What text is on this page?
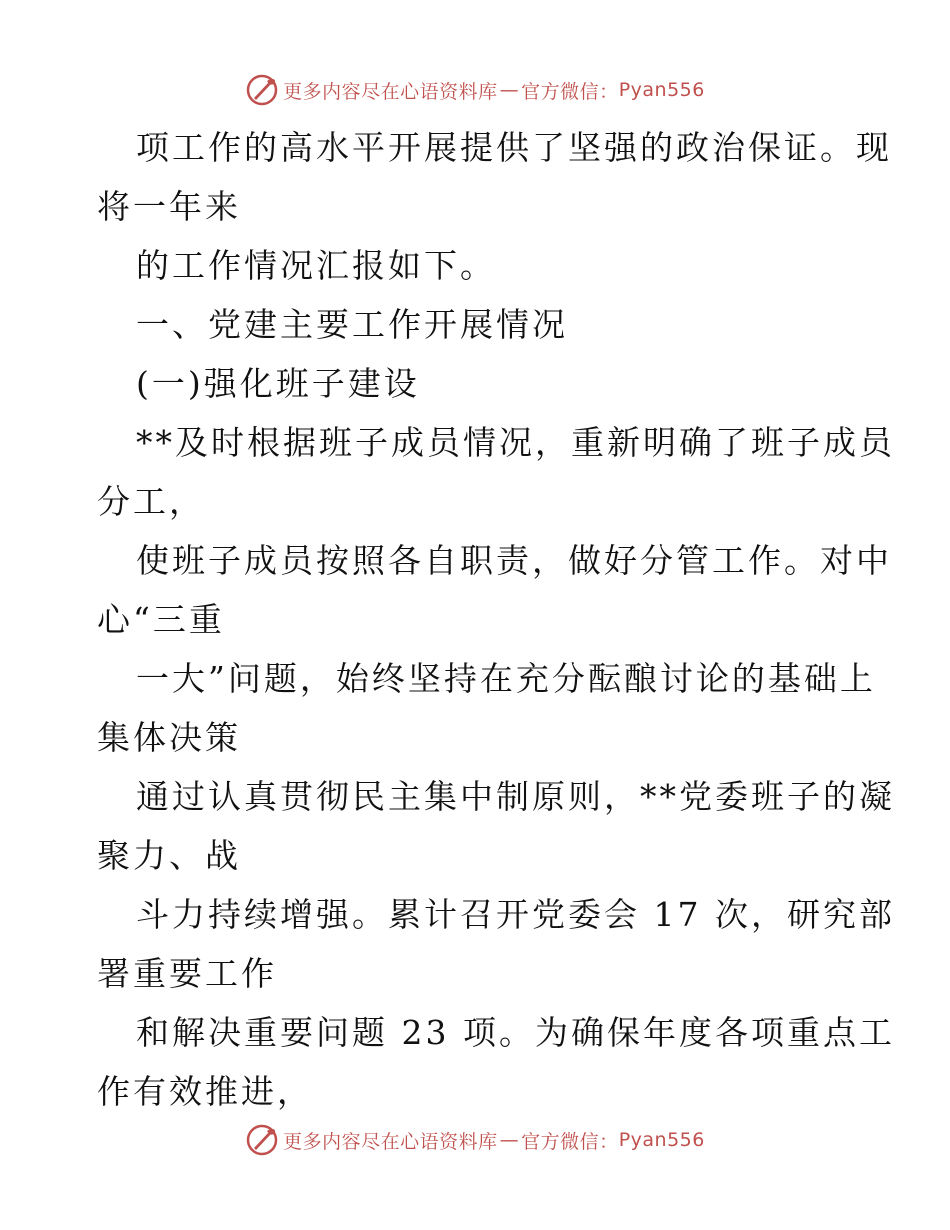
更多内容尽在心语资料库 — 官方微信： Pyan556
项工作的高水平开展提供了坚强的政治保证。现
将一年来
的工作情况汇报如下。
一、党建主要工作开展情况
(一)强化班子建设
**及时根据班子成员情况，重新明确了班子成员
分工，
使班子成员按照各自职责，做好分管工作。对中
心“三重
一大”问题，始终坚持在充分酝酿讨论的基础上
集体决策
通过认真贯彻民主集中制原则，**党委班子的凝
聚力、战
斗力持续增强。累计召开党委会 17 次，研究部
署重要工作
和解决重要问题 23 项。为确保年度各项重点工
作有效推进，
更多内容尽在心语资料库 — 官方微信： Pyan556
